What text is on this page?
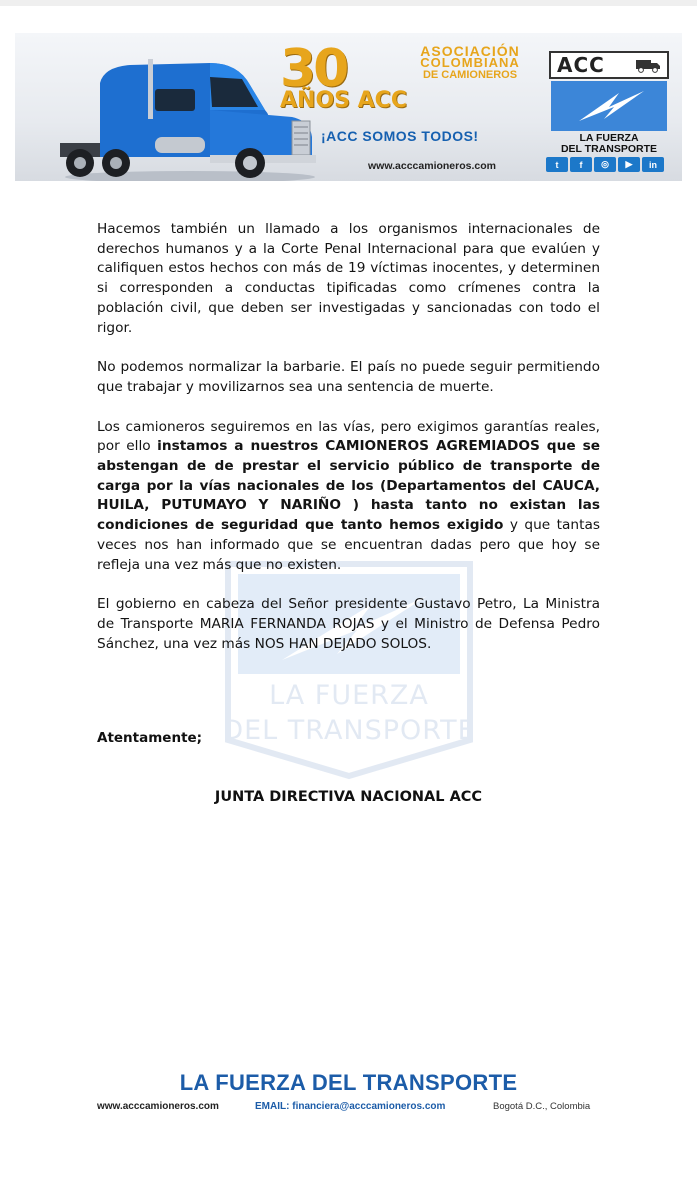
30
AÑOS ACC
ASOCIACIÓN
COLOMBIANA
DE CAMIONEROS
¡ACC SOMOS TODOS!
www.acccamioneros.com	t	f	◎	▶	in
ACC
LA FUERZA
DEL TRANSPORTE
LA FUERZA
DEL TRANSPORTE

Hacemos también un llamado a los organismos internacionales de derechos humanos y a la Corte Penal Internacional para que evalúen y califiquen estos hechos con más de 19 víctimas inocentes, y determinen si corresponden a conductas tipificadas como crímenes contra la población civil, que deben ser investigadas y sancionadas con todo el rigor.

No podemos normalizar la barbarie. El país no puede seguir permitiendo que trabajar y movilizarnos sea una sentencia de muerte.

Los camioneros seguiremos en las vías, pero exigimos garantías reales, por ello instamos a nuestros CAMIONEROS AGREMIADOS que se abstengan de de prestar el servicio público de transporte de carga por la vías nacionales de los (Departamentos del CAUCA, HUILA, PUTUMAYO Y NARIÑO ) hasta tanto no existan las condiciones de seguridad que tanto hemos exigido y que tantas veces nos han informado que se encuentran dadas pero que hoy se refleja una vez más que no existen.

El gobierno en cabeza del Señor presidente Gustavo Petro, La Ministra de Transporte MARIA FERNANDA ROJAS y el Ministro de Defensa Pedro Sánchez, una vez más NOS HAN DEJADO SOLOS.

Atentamente;
JUNTA DIRECTIVA NACIONAL ACC
LA FUERZA DEL TRANSPORTE
www.acccamioneros.com	EMAIL: financiera@acccamioneros.com	Bogotá D.C., Colombia
